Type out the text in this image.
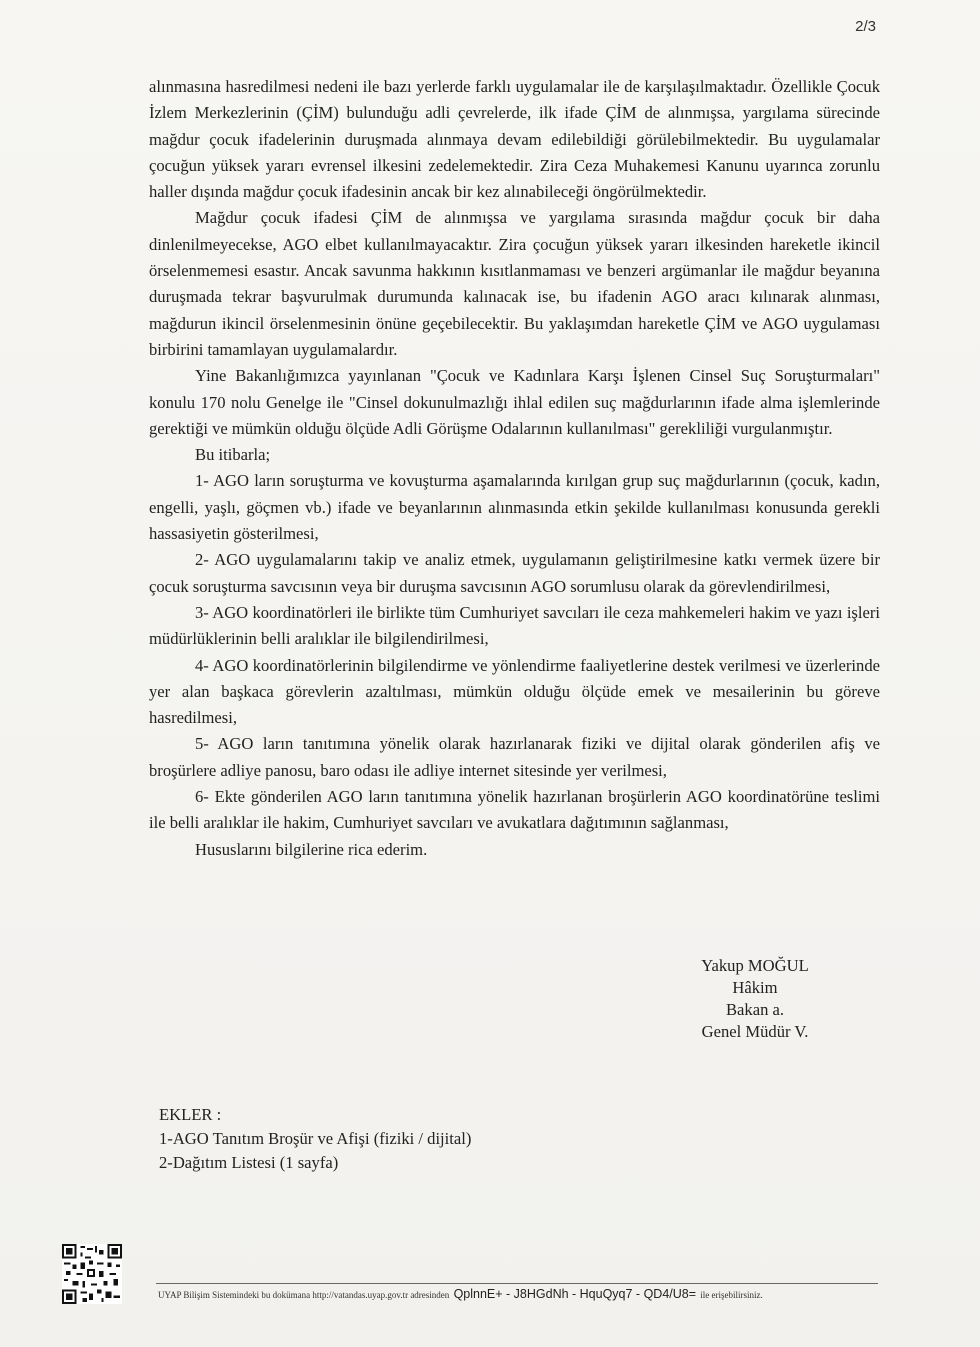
2/3

alınmasına hasredilmesi nedeni ile bazı yerlerde farklı uygulamalar ile de karşılaşılmaktadır. Özellikle Çocuk İzlem Merkezlerinin (ÇİM) bulunduğu adli çevrelerde, ilk ifade ÇİM de alınmışsa, yargılama sürecinde mağdur çocuk ifadelerinin duruşmada alınmaya devam edilebildiği görülebilmektedir. Bu uygulamalar çocuğun yüksek yararı evrensel ilkesini zedelemektedir. Zira Ceza Muhakemesi Kanunu uyarınca zorunlu haller dışında mağdur çocuk ifadesinin ancak bir kez alınabileceği öngörülmektedir.

Mağdur çocuk ifadesi ÇİM de alınmışsa ve yargılama sırasında mağdur çocuk bir daha dinlenilmeyecekse, AGO elbet kullanılmayacaktır. Zira çocuğun yüksek yararı ilkesinden hareketle ikincil örselenmemesi esastır. Ancak savunma hakkının kısıtlanmaması ve benzeri argümanlar ile mağdur beyanına duruşmada tekrar başvurulmak durumunda kalınacak ise, bu ifadenin AGO aracı kılınarak alınması, mağdurun ikincil örselenmesinin önüne geçebilecektir. Bu yaklaşımdan hareketle ÇİM ve AGO uygulaması birbirini tamamlayan uygulamalardır.

Yine Bakanlığımızca yayınlanan "Çocuk ve Kadınlara Karşı İşlenen Cinsel Suç Soruşturmaları" konulu 170 nolu Genelge ile "Cinsel dokunulmazlığı ihlal edilen suç mağdurlarının ifade alma işlemlerinde gerektiği ve mümkün olduğu ölçüde Adli Görüşme Odalarının kullanılması" gerekliliği vurgulanmıştır.

Bu itibarla;

1- AGO ların soruşturma ve kovuşturma aşamalarında kırılgan grup suç mağdurlarının (çocuk, kadın, engelli, yaşlı, göçmen vb.) ifade ve beyanlarının alınmasında etkin şekilde kullanılması konusunda gerekli hassasiyetin gösterilmesi,

2- AGO uygulamalarını takip ve analiz etmek, uygulamanın geliştirilmesine katkı vermek üzere bir çocuk soruşturma savcısının veya bir duruşma savcısının AGO sorumlusu olarak da görevlendirilmesi,

3- AGO koordinatörleri ile birlikte tüm Cumhuriyet savcıları ile ceza mahkemeleri hakim ve yazı işleri müdürlüklerinin belli aralıklar ile bilgilendirilmesi,

4- AGO koordinatörlerinin bilgilendirme ve yönlendirme faaliyetlerine destek verilmesi ve üzerlerinde yer alan başkaca görevlerin azaltılması, mümkün olduğu ölçüde emek ve mesailerinin bu göreve hasredilmesi,

5- AGO ların tanıtımına yönelik olarak hazırlanarak fiziki ve dijital olarak gönderilen afiş ve broşürlere adliye panosu, baro odası ile adliye internet sitesinde yer verilmesi,

6- Ekte gönderilen AGO ların tanıtımına yönelik hazırlanan broşürlerin AGO koordinatörüne teslimi ile belli aralıklar ile hakim, Cumhuriyet savcıları ve avukatlara dağıtımının sağlanması,

Hususlarını bilgilerine rica ederim.

Yakup MOĞUL
Hâkim
Bakan a.
Genel Müdür V.
EKLER :
1-AGO Tanıtım Broşür ve Afişi (fiziki / dijital)
2-Dağıtım Listesi (1 sayfa)
UYAP Bilişim Sistemindeki bu dokümana http://vatandas.uyap.gov.tr adresinden QplnnE+ - J8HGdNh - HquQyq7 - QD4/U8= ile erişebilirsiniz.
